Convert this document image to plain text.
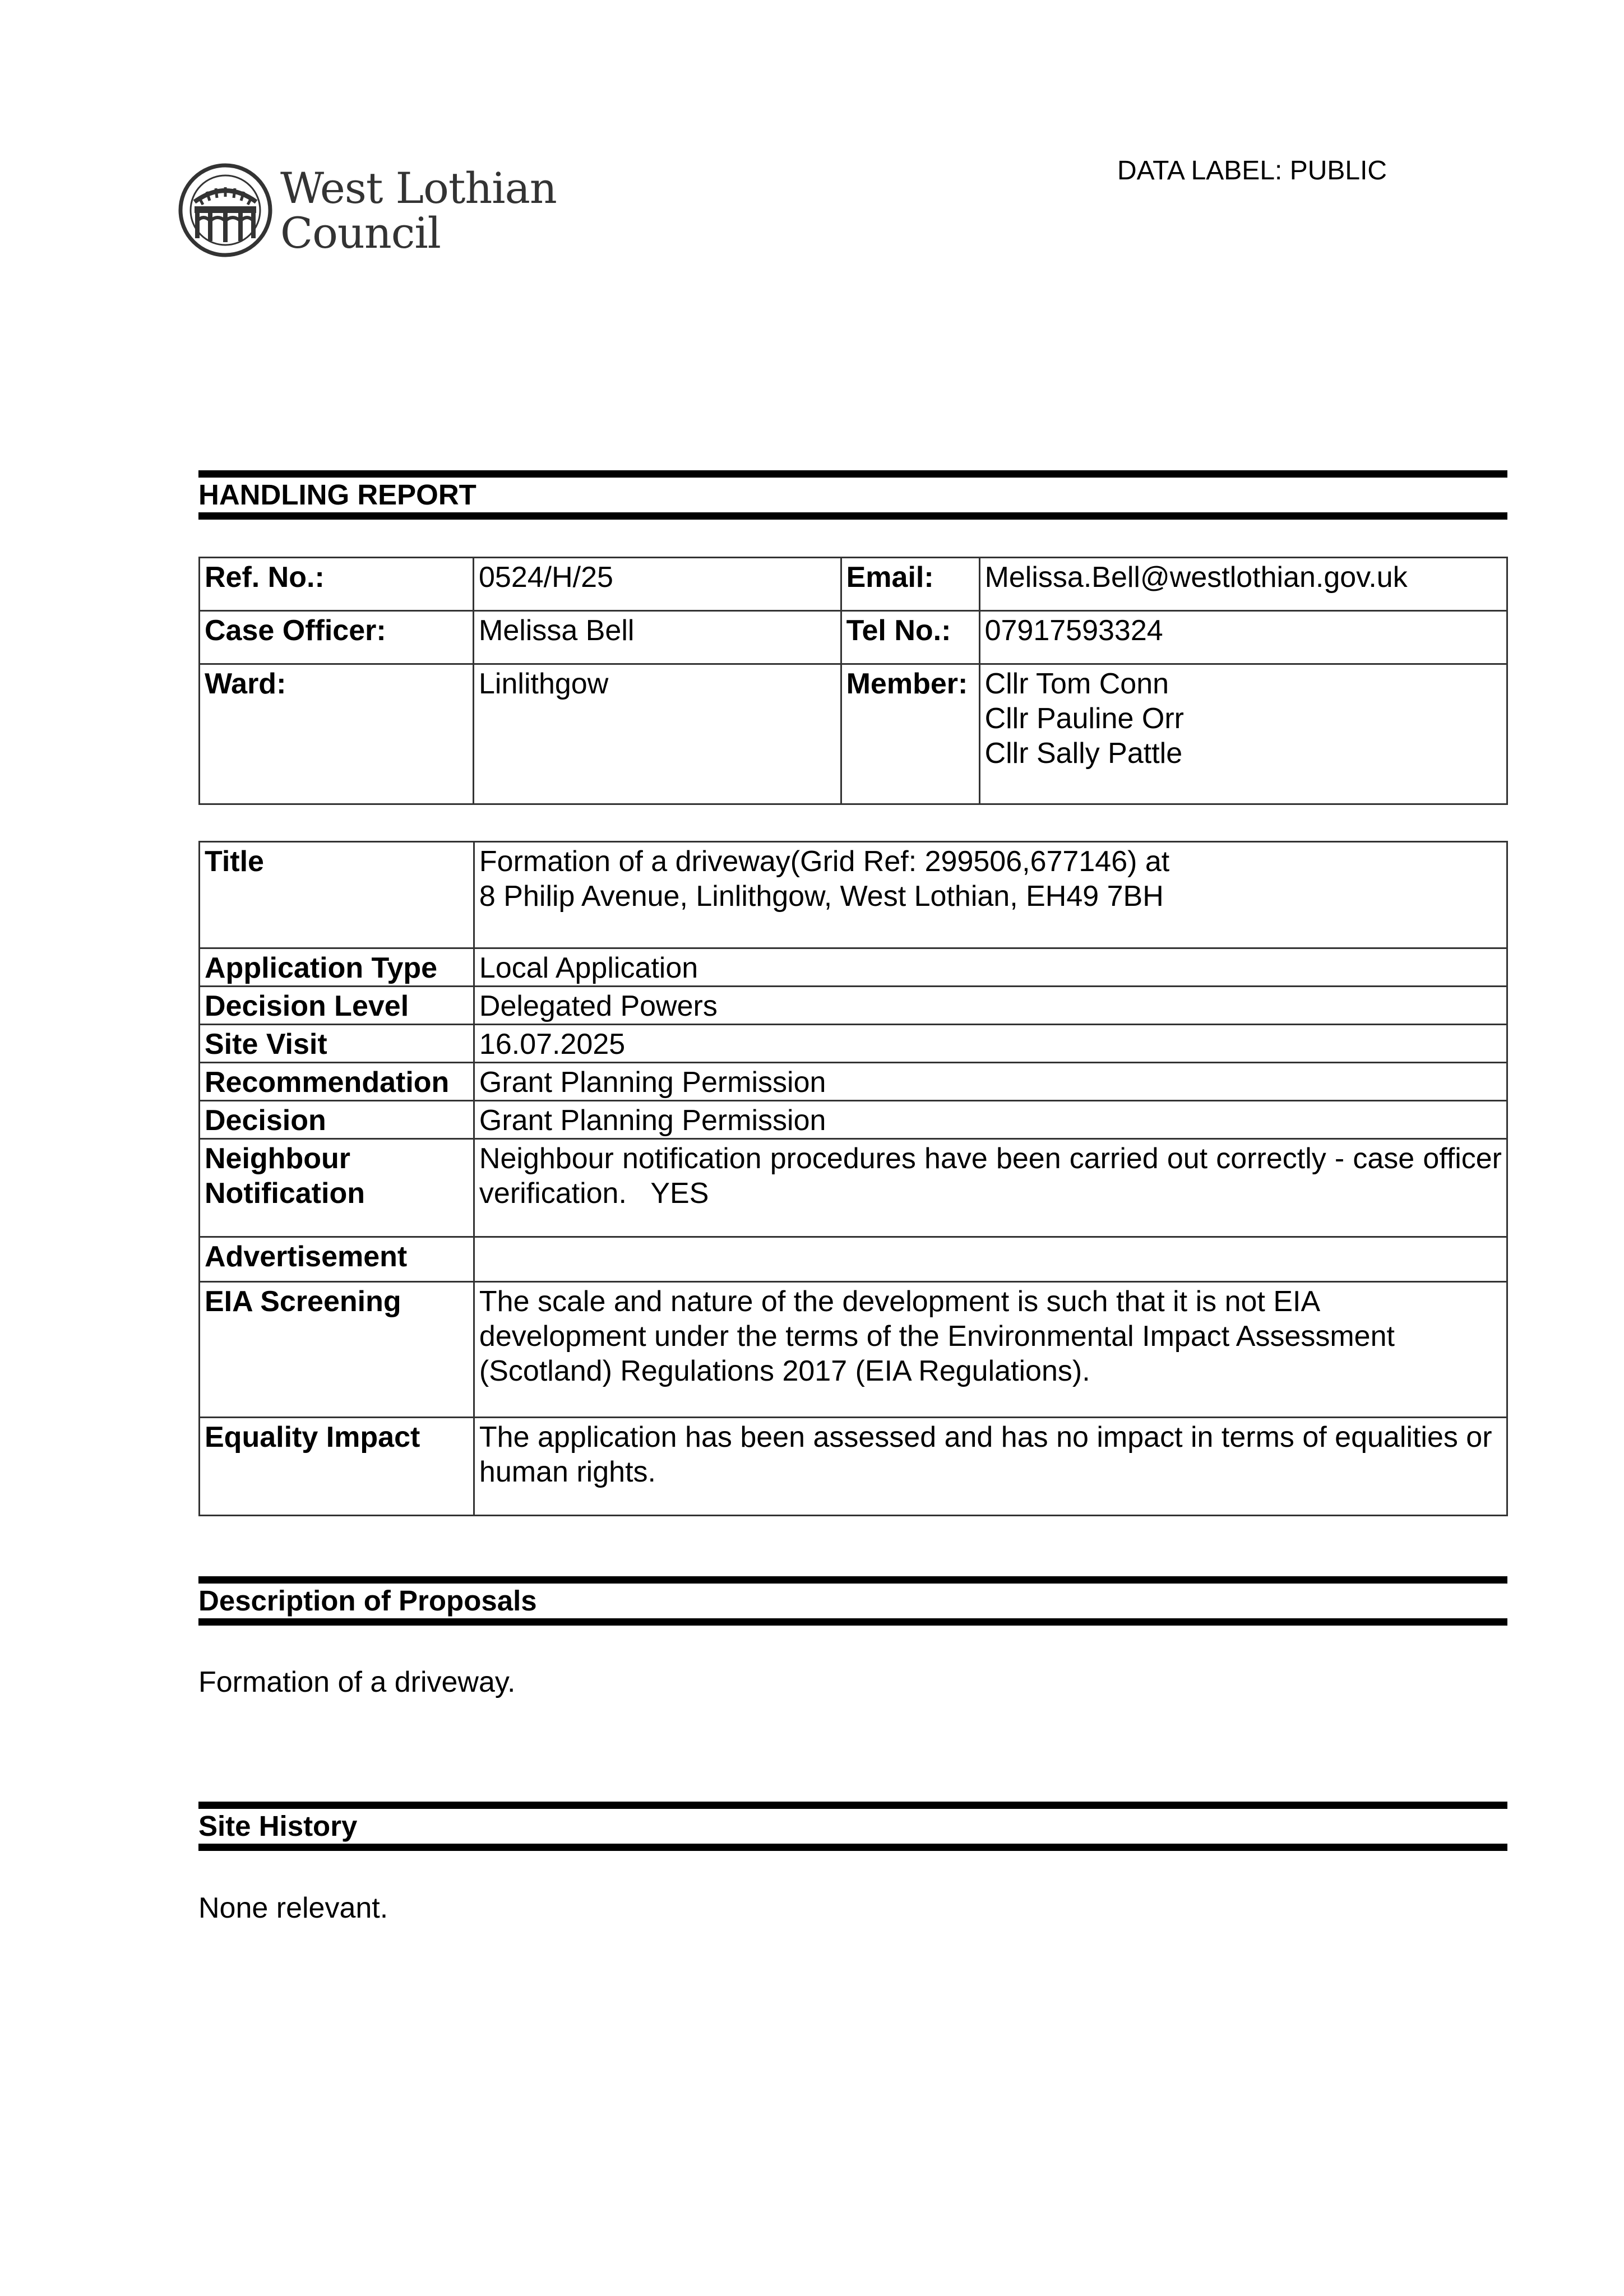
West Lothian
Council
DATA LABEL: PUBLIC
HANDLING REPORT
Ref. No.:	0524/H/25	Email:	Melissa.Bell@westlothian.gov.uk
Case Officer:	Melissa Bell	Tel No.:	07917593324
Ward:	Linlithgow	Member:	Cllr Tom Conn
Cllr Pauline Orr
Cllr Sally Pattle
Title	Formation of a driveway(Grid Ref: 299506,677146) at
8 Philip Avenue, Linlithgow, West Lothian, EH49 7BH

Application Type	Local Application
Decision Level	Delegated Powers
Site Visit	16.07.2025
Recommendation	Grant Planning Permission
Decision	Grant Planning Permission

Neighbour
Notification	Neighbour notification procedures have been carried out correctly - case officer verification.   YES
Advertisement	
EIA Screening	The scale and nature of the development is such that it is not EIA
development under the terms of the Environmental Impact Assessment
(Scotland) Regulations 2017 (EIA Regulations).

Equality Impact	The application has been assessed and has no impact in terms of equalities or human rights.
Description of Proposals
Formation of a driveway.
Site History
None relevant.
